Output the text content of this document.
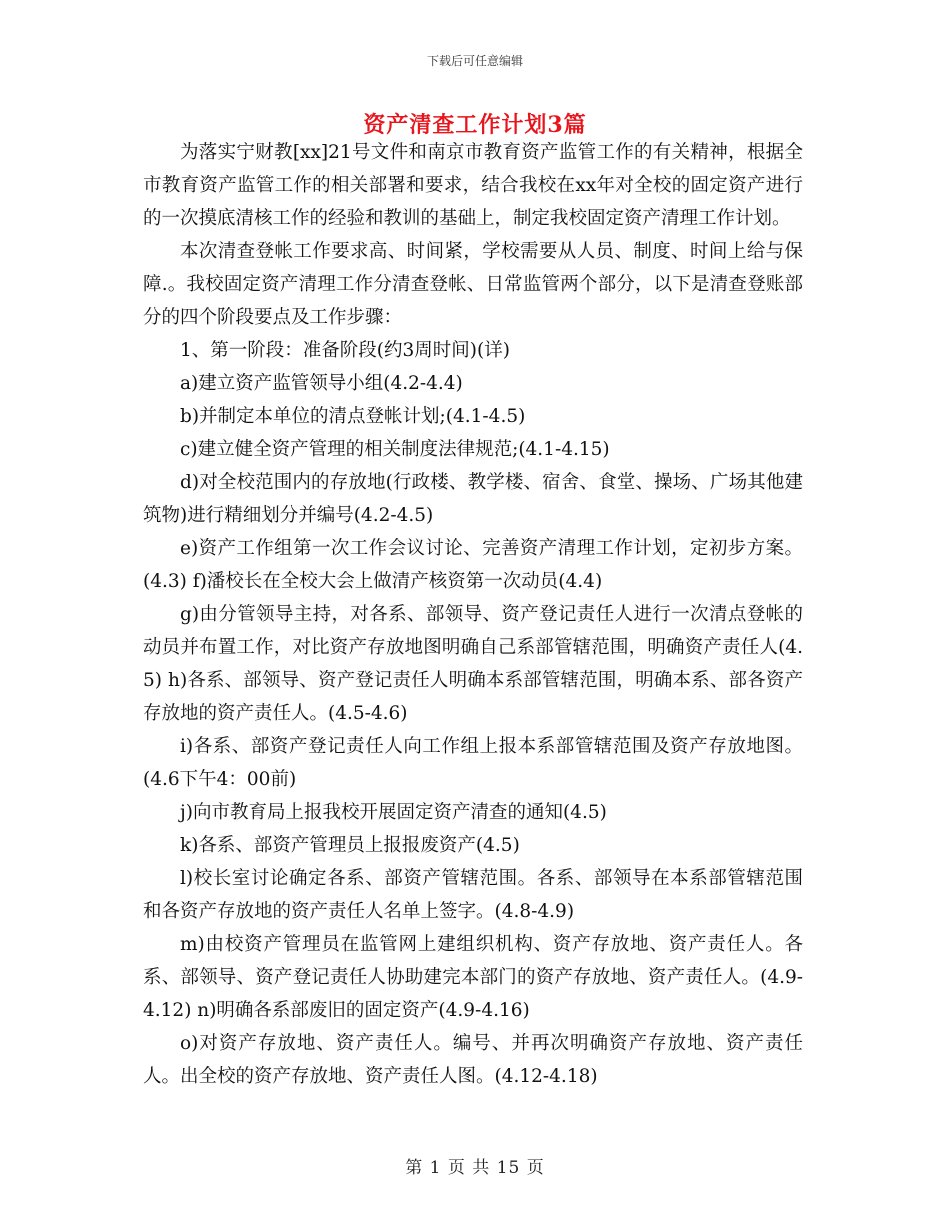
下载后可任意编辑
资产清查工作计划3篇

为落实宁财教[xx]21号文件和南京市教育资产监管工作的有关精神，根据全市教育资产监管工作的相关部署和要求，结合我校在xx年对全校的固定资产进行的一次摸底清核工作的经验和教训的基础上，制定我校固定资产清理工作计划。

本次清查登帐工作要求高、时间紧，学校需要从人员、制度、时间上给与保障.。我校固定资产清理工作分清查登帐、日常监管两个部分，以下是清查登账部分的四个阶段要点及工作步骤：

1、第一阶段：准备阶段(约3周时间)(详)

a)建立资产监管领导小组(4.2-4.4)

b)并制定本单位的清点登帐计划;(4.1-4.5)

c)建立健全资产管理的相关制度法律规范;(4.1-4.15)

d)对全校范围内的存放地(行政楼、教学楼、宿舍、食堂、操场、广场其他建筑物)进行精细划分并编号(4.2-4.5)

e)资产工作组第一次工作会议讨论、完善资产清理工作计划，定初步方案。(4.3) f)潘校长在全校大会上做清产核资第一次动员(4.4)

g)由分管领导主持，对各系、部领导、资产登记责任人进行一次清点登帐的动员并布置工作，对比资产存放地图明确自己系部管辖范围，明确资产责任人(4.5) h)各系、部领导、资产登记责任人明确本系部管辖范围，明确本系、部各资产存放地的资产责任人。(4.5-4.6)

i)各系、部资产登记责任人向工作组上报本系部管辖范围及资产存放地图。(4.6下午4：00前)

j)向市教育局上报我校开展固定资产清查的通知(4.5)

k)各系、部资产管理员上报报废资产(4.5)

l)校长室讨论确定各系、部资产管辖范围。各系、部领导在本系部管辖范围和各资产存放地的资产责任人名单上签字。(4.8-4.9)

m)由校资产管理员在监管网上建组织机构、资产存放地、资产责任人。各系、部领导、资产登记责任人协助建完本部门的资产存放地、资产责任人。(4.9-4.12) n)明确各系部废旧的固定资产(4.9-4.16)

o)对资产存放地、资产责任人。编号、并再次明确资产存放地、资产责任人。出全校的资产存放地、资产责任人图。(4.12-4.18)

第 1 页 共 15 页
